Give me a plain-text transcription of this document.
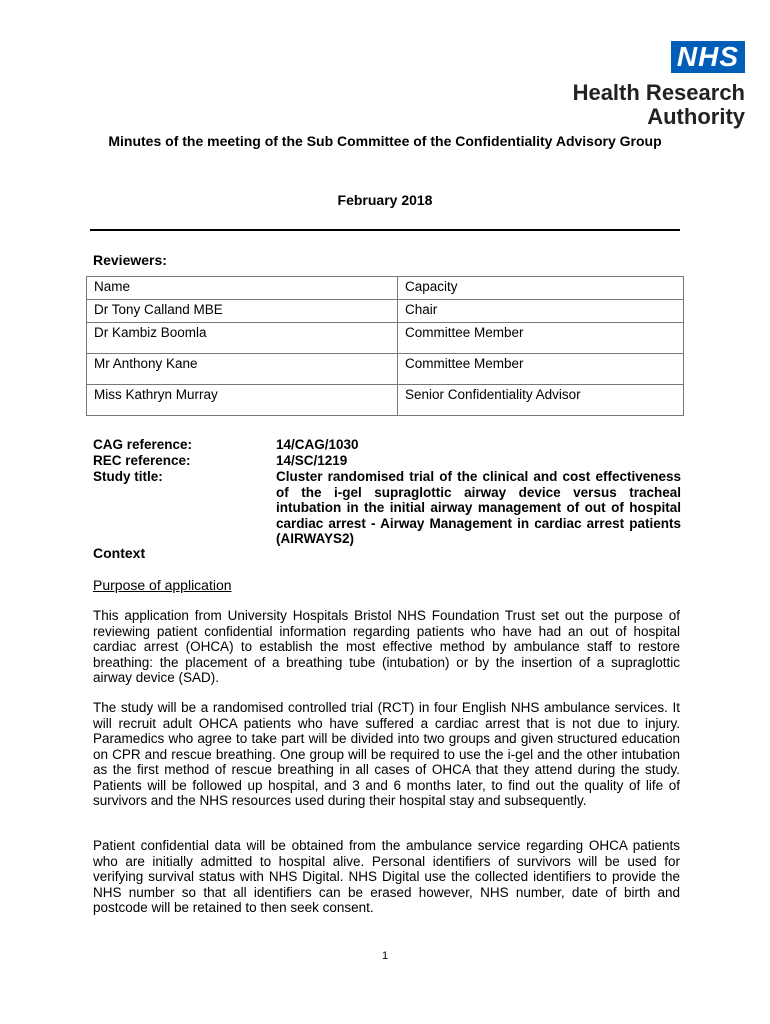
NHS
Health Research
Authority
Minutes of the meeting of the Sub Committee of the Confidentiality Advisory Group
February 2018
Reviewers:
Name	Capacity
Dr Tony Calland MBE	Chair
Dr Kambiz Boomla	Committee Member
Mr Anthony Kane	Committee Member
Miss Kathryn Murray	Senior Confidentiality Advisor
CAG reference:	14/CAG/1030
REC reference:	14/SC/1219
Study title:	Cluster randomised trial of the clinical and cost effectiveness of the i-gel supraglottic airway device versus tracheal intubation in the initial airway management of out of hospital cardiac arrest - Airway Management in cardiac arrest patients (AIRWAYS2)
Context
Purpose of application
This application from University Hospitals Bristol NHS Foundation Trust set out the purpose of reviewing patient confidential information regarding patients who have had an out of hospital cardiac arrest (OHCA) to establish the most effective method by ambulance staff to restore breathing: the placement of a breathing tube (intubation) or by the insertion of a supraglottic airway device (SAD).
The study will be a randomised controlled trial (RCT) in four English NHS ambulance services. It will recruit adult OHCA patients who have suffered a cardiac arrest that is not due to injury. Paramedics who agree to take part will be divided into two groups and given structured education on CPR and rescue breathing. One group will be required to use the i-gel and the other intubation as the first method of rescue breathing in all cases of OHCA that they attend during the study. Patients will be followed up hospital, and 3 and 6 months later, to find out the quality of life of survivors and the NHS resources used during their hospital stay and subsequently.
Patient confidential data will be obtained from the ambulance service regarding OHCA patients who are initially admitted to hospital alive. Personal identifiers of survivors will be used for verifying survival status with NHS Digital. NHS Digital use the collected identifiers to provide the NHS number so that all identifiers can be erased however, NHS number, date of birth and postcode will be retained to then seek consent.
1
